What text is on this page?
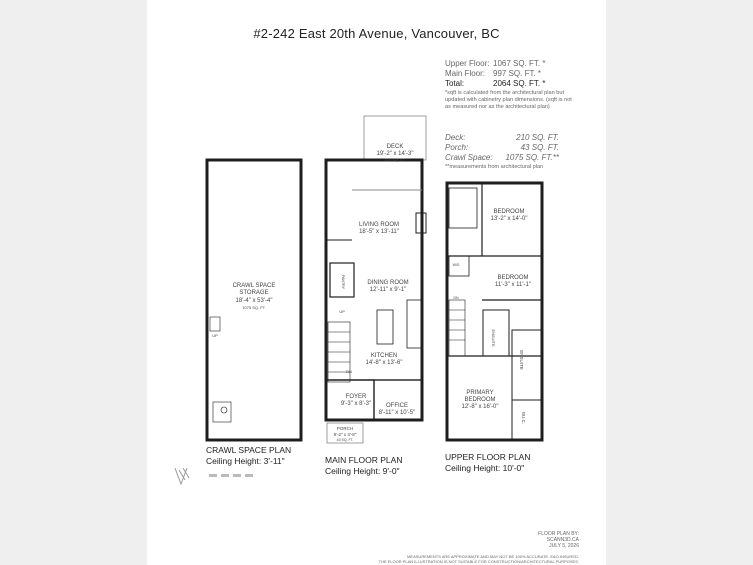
#2-242 East 20th Avenue, Vancouver, BC
Upper Floor: 1067 SQ. FT. *
Main Floor: 997 SQ. FT. *
Total:	2064 SQ. FT. *
*sqft is calculated from the architectural plan but updated with cabinetry plan dimensions. (sqft is not as measured nor as the architectural plan)
Deck:	210 SQ. FT.
Porch:	43 SQ. FT.
Crawl Space: 1075 SQ. FT.**
**measurements from architectural plan
CRAWL SPACE
STORAGE
18'-4" x 53'-4"
1075 SQ. FT.
UP
DECK
19'-2" x 14'-3"
210 SQ. FT.
LIVING ROOM
18'-5" x 13'-11"
DINING ROOM
12'-11" x 9'-1"
KITCHEN
14'-8" x 13'-6"
FOYER
9'-3" x 8'-3" OFFICE
8'-11" x 10'-5"
PORCH
9'-2" x 4'-8"
43 SQ. FT.
UP
DN
PANTRY
BEDROOM
13'-2" x 14'-0"
BEDROOM
11'-3" x 11'-1"
PRIMARY
BEDROOM
12'-8" x 16'-0"
ENSUITE
ENSUITE
W.I.C.
W/D
DN
CRAWL SPACE PLAN
Ceiling Height: 3'-11"	MAIN FLOOR PLAN
Ceiling Height: 9'-0"
UPPER FLOOR PLAN
Ceiling Height: 10'-0"
FLOOR PLAN BY:
SCANN3D.CA
JULY 5, 2026
MEASUREMENTS ARE APPROXIMATE AND MAY NOT BE 100% ACCURATE. E&O INSURED.
THE FLOOR PLAN ILLUSTRATION IS NOT SUITABLE FOR CONSTRUCTION/ARCHITECTURAL PURPOSES.
